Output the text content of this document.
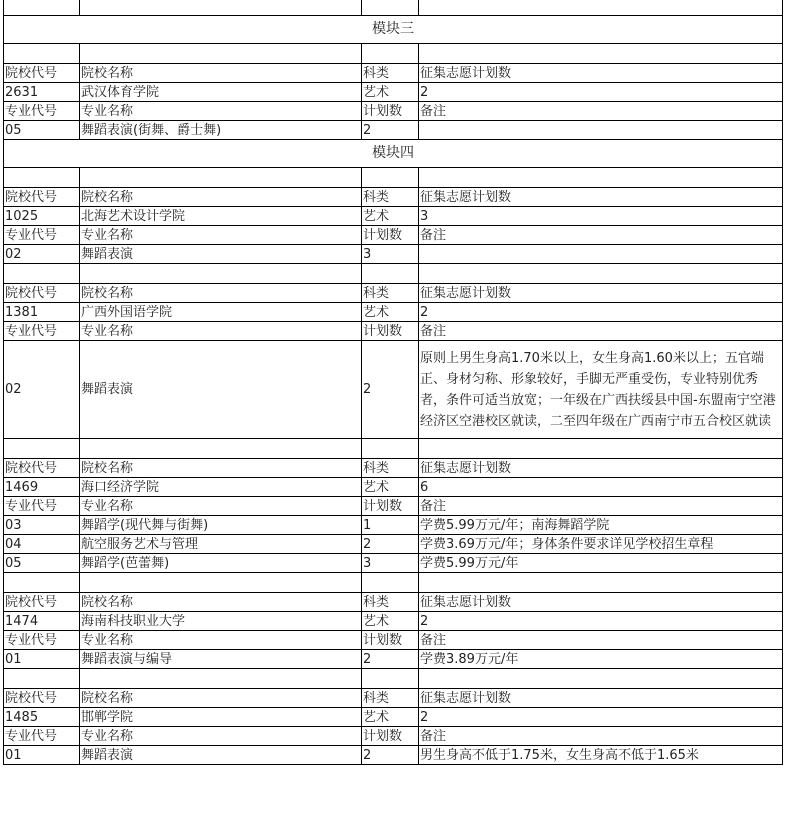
模块三			

院校代号	院校名称	科类	征集志愿计划数
2631	武汉体育学院	艺术	2
专业代号	专业名称	计划数	备注
05	舞蹈表演(街舞、爵士舞)	2	
模块四			

院校代号	院校名称	科类	征集志愿计划数
1025	北海艺术设计学院	艺术	3
专业代号	专业名称	计划数	备注
02	舞蹈表演	3	

院校代号	院校名称	科类	征集志愿计划数
1381	广西外国语学院	艺术	2
专业代号	专业名称	计划数	备注
02	舞蹈表演	2	原则上男生身高1.70米以上，女生身高1.60米以上；五官端正、身材匀称、形象较好，手脚无严重受伤，专业特别优秀者，条件可适当放宽；一年级在广西扶绥县中国-东盟南宁空港经济区空港校区就读，二至四年级在广西南宁市五合校区就读

院校代号	院校名称	科类	征集志愿计划数
1469	海口经济学院	艺术	6
专业代号	专业名称	计划数	备注
03	舞蹈学(现代舞与街舞)	1	学费5.99万元/年；南海舞蹈学院
04	航空服务艺术与管理	2	学费3.69万元/年；身体条件要求详见学校招生章程
05	舞蹈学(芭蕾舞)	3	学费5.99万元/年

院校代号	院校名称	科类	征集志愿计划数
1474	海南科技职业大学	艺术	2
专业代号	专业名称	计划数	备注
01	舞蹈表演与编导	2	学费3.89万元/年

院校代号	院校名称	科类	征集志愿计划数
1485	邯郸学院	艺术	2
专业代号	专业名称	计划数	备注
01	舞蹈表演	2	男生身高不低于1.75米，女生身高不低于1.65米
